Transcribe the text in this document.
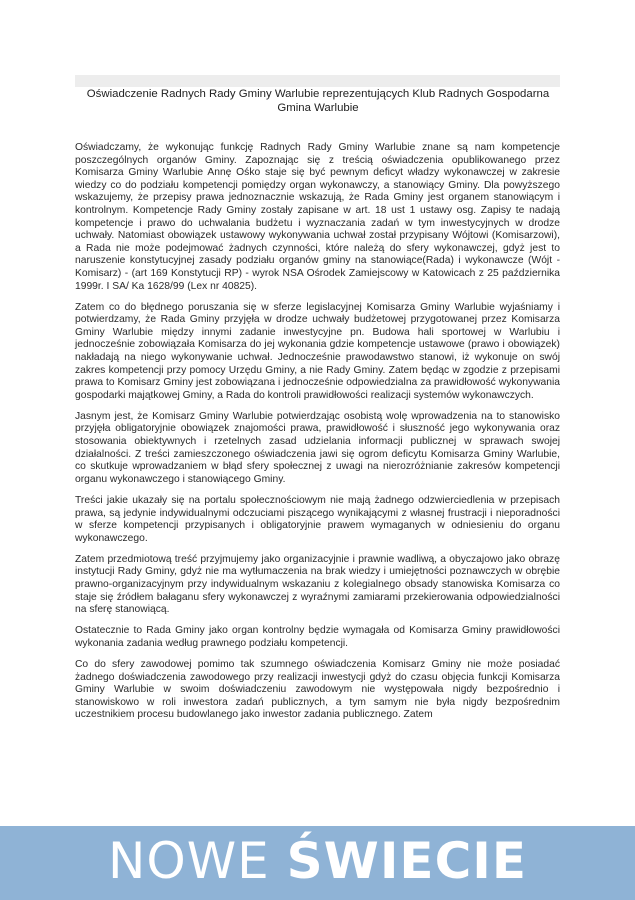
Oświadczenie Radnych Rady Gminy Warlubie reprezentujących Klub Radnych Gospodarna Gmina Warlubie

Oświadczamy, że wykonując funkcję Radnych Rady Gminy Warlubie znane są nam kompetencje poszczególnych organów Gminy. Zapoznając się z treścią oświadczenia opublikowanego przez Komisarza Gminy Warlubie Annę Ośko staje się być pewnym deficyt władzy wykonawczej w zakresie wiedzy co do podziału kompetencji pomiędzy organ wykonawczy, a stanowiący Gminy. Dla powyższego wskazujemy, że przepisy prawa jednoznacznie wskazują, że Rada Gminy jest organem stanowiącym i kontrolnym. Kompetencje Rady Gminy zostały zapisane w art. 18 ust 1 ustawy osg. Zapisy te nadają kompetencje i prawo do uchwalania budżetu i wyznaczania zadań w tym inwestycyjnych w drodze uchwały. Natomiast obowiązek ustawowy wykonywania uchwał został przypisany Wójtowi (Komisarzowi), a Rada nie może podejmować żadnych czynności, które należą do sfery wykonawczej, gdyż jest to naruszenie konstytucyjnej zasady podziału organów gminy na stanowiące(Rada) i wykonawcze (Wójt - Komisarz) - (art 169 Konstytucji RP) - wyrok NSA Ośrodek Zamiejscowy w Katowicach z 25 października 1999r. I SA/ Ka 1628/99 (Lex nr 40825).

Zatem co do błędnego poruszania się w sferze legislacyjnej Komisarza Gminy Warlubie wyjaśniamy i potwierdzamy, że Rada Gminy przyjęła w drodze uchwały budżetowej przygotowanej przez Komisarza Gminy Warlubie między innymi zadanie inwestycyjne pn. Budowa hali sportowej w Warlubiu i jednocześnie zobowiązała Komisarza do jej wykonania gdzie kompetencje ustawowe (prawo i obowiązek) nakładają na niego wykonywanie uchwał. Jednocześnie prawodawstwo stanowi, iż wykonuje on swój zakres kompetencji przy pomocy Urzędu Gminy, a nie Rady Gminy. Zatem będąc w zgodzie z przepisami prawa to Komisarz Gminy jest zobowiązana i jednocześnie odpowiedzialna za prawidłowość wykonywania gospodarki majątkowej Gminy, a Rada do kontroli prawidłowości realizacji systemów wykonawczych.

Jasnym jest, że Komisarz Gminy Warlubie potwierdzając osobistą wolę wprowadzenia na to stanowisko przyjęła obligatoryjnie obowiązek znajomości prawa, prawidłowość i słuszność jego wykonywania oraz stosowania obiektywnych i rzetelnych zasad udzielania informacji publicznej w sprawach swojej działalności. Z treści zamieszczonego oświadczenia jawi się ogrom deficytu Komisarza Gminy Warlubie, co skutkuje wprowadzaniem w błąd sfery społecznej z uwagi na nierozróżnianie zakresów kompetencji organu wykonawczego i stanowiącego Gminy.

Treści jakie ukazały się na portalu społecznościowym nie mają żadnego odzwierciedlenia w przepisach prawa, są jedynie indywidualnymi odczuciami piszącego wynikającymi z własnej frustracji i nieporadności w sferze kompetencji przypisanych i obligatoryjnie prawem wymaganych w odniesieniu do organu wykonawczego.

Zatem przedmiotową treść przyjmujemy jako organizacyjnie i prawnie wadliwą, a obyczajowo jako obrazę instytucji Rady Gminy, gdyż nie ma wytłumaczenia na brak wiedzy i umiejętności poznawczych w obrębie prawno-organizacyjnym przy indywidualnym wskazaniu z kolegialnego obsady stanowiska Komisarza co staje się źródłem bałaganu sfery wykonawczej z wyraźnymi zamiarami przekierowania odpowiedzialności na sferę stanowiącą.

Ostatecznie to Rada Gminy jako organ kontrolny będzie wymagała od Komisarza Gminy prawidłowości wykonania zadania według prawnego podziału kompetencji.

Co do sfery zawodowej pomimo tak szumnego oświadczenia Komisarz Gminy nie może posiadać żadnego doświadczenia zawodowego przy realizacji inwestycji gdyż do czasu objęcia funkcji Komisarza Gminy Warlubie w swoim doświadczeniu zawodowym nie występowała nigdy bezpośrednio i stanowiskowo w roli inwestora zadań publicznych, a tym samym nie była nigdy bezpośrednim uczestnikiem procesu budowlanego jako inwestor zadania publicznego. Zatem

NOWE ŚWIECIE
